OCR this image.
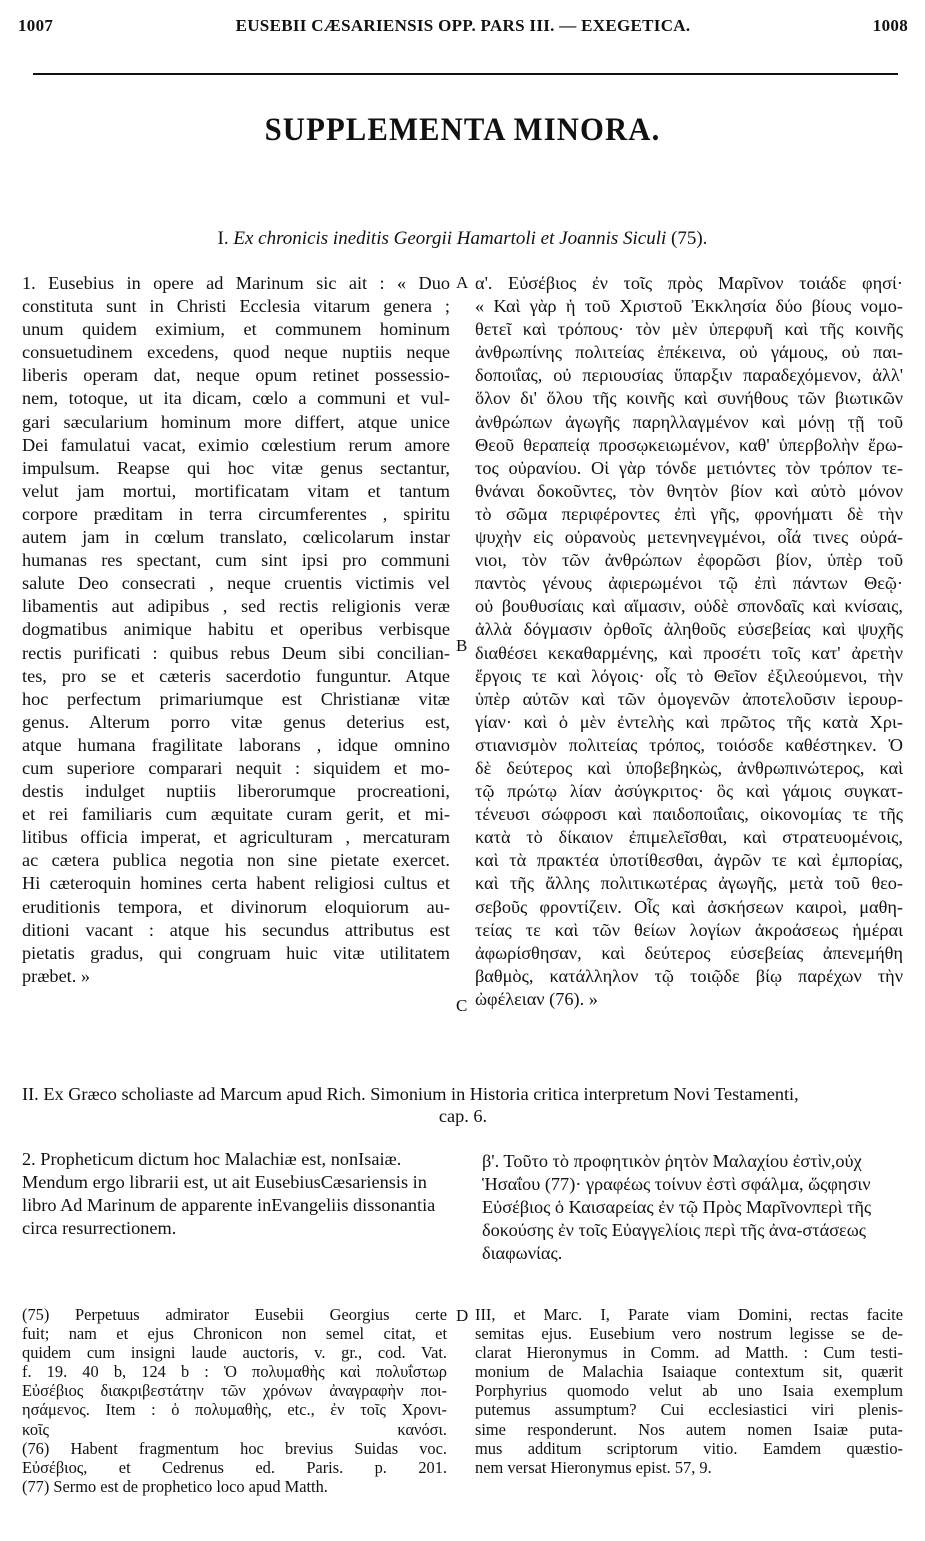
1007	EUSEBII CÆSARIENSIS OPP. PARS III. — EXEGETICA.	1008
SUPPLEMENTA MINORA.
I. Ex chronicis ineditis Georgii Hamartoli et Joannis Siculi (75).
1. Eusebius in opere ad Marinum sic ait : « Duo
constituta sunt in Christi Ecclesia vitarum genera ;
unum quidem eximium, et communem hominum
consuetudinem excedens, quod neque nuptiis neque
liberis operam dat, neque opum retinet possessio-
nem, totoque, ut ita dicam, cœlo a communi et vul-
gari sæcularium hominum more differt, atque unice
Dei famulatui vacat, eximio cœlestium rerum amore
impulsum. Reapse qui hoc vitæ genus sectantur,
velut jam mortui, mortificatam vitam et tantum
corpore præditam in terra circumferentes , spiritu
autem jam in cœlum translato, cœlicolarum instar
humanas res spectant, cum sint ipsi pro communi
salute Deo consecrati , neque cruentis victimis vel
libamentis aut adipibus , sed rectis religionis veræ
dogmatibus animique habitu et operibus verbisque
rectis purificati : quibus rebus Deum sibi concilian-
tes, pro se et cæteris sacerdotio funguntur. Atque
hoc perfectum primariumque est Christianæ vitæ
genus. Alterum porro vitæ genus deterius est,
atque humana fragilitate laborans , idque omnino
cum superiore comparari nequit : siquidem et mo-
destis indulget nuptiis liberorumque procreationi,
et rei familiaris cum æquitate curam gerit, et mi-
litibus officia imperat, et agriculturam , mercaturam
ac cætera publica negotia non sine pietate exercet.
Hi cæteroquin homines certa habent religiosi cultus et
eruditionis tempora, et divinorum eloquiorum au-
ditioni vacant : atque his secundus attributus est
pietatis gradus, qui congruam huic vitæ utilitatem
præbet. »
α'. Εὐσέβιος ἐν τοῖς πρὸς Μαρῖνον τοιάδε φησί·
« Καὶ γὰρ ἡ τοῦ Χριστοῦ Ἐκκλησία δύο βίους νομο-
θετεῖ καὶ τρόπους· τὸν μὲν ὑπερφυῆ καὶ τῆς κοινῆς
ἀνθρωπίνης πολιτείας ἐπέκεινα, οὐ γάμους, οὐ παι-
δοποιΐας, οὐ περιουσίας ὕπαρξιν παραδεχόμενον, ἀλλ'
ὅλον δι' ὅλου τῆς κοινῆς καὶ συνήθους τῶν βιωτικῶν
ἀνθρώπων ἀγωγῆς παρηλλαγμένον καὶ μόνῃ τῇ τοῦ
Θεοῦ θεραπείᾳ προσῳκειωμένον, καθ' ὑπερβολὴν ἔρω-
τος οὐρανίου. Οἱ γὰρ τόνδε μετιόντες τὸν τρόπον τε-
θνάναι δοκοῦντες, τὸν θνητὸν βίον καὶ αὐτὸ μόνον
τὸ σῶμα περιφέροντες ἐπὶ γῆς, φρονήματι δὲ τὴν
ψυχὴν εἰς οὐρανοὺς μετενηνεγμένοι, οἷά τινες οὐρά-
νιοι, τὸν τῶν ἀνθρώπων ἐφορῶσι βίον, ὑπὲρ τοῦ
παντὸς γένους ἀφιερωμένοι τῷ ἐπὶ πάντων Θεῷ·
οὐ βουθυσίαις καὶ αἵμασιν, οὐδὲ σπονδαῖς καὶ κνίσαις,
ἀλλὰ δόγμασιν ὀρθοῖς ἀληθοῦς εὐσεβείας καὶ ψυχῆς
διαθέσει κεκαθαρμένης, καὶ προσέτι τοῖς κατ' ἀρετὴν
ἔργοις τε καὶ λόγοις· οἷς τὸ Θεῖον ἐξιλεούμενοι, τὴν
ὑπὲρ αὐτῶν καὶ τῶν ὁμογενῶν ἀποτελοῦσιν ἱερουρ-
γίαν· καὶ ὁ μὲν ἐντελὴς καὶ πρῶτος τῆς κατὰ Χρι-
στιανισμὸν πολιτείας τρόπος, τοιόσδε καθέστηκεν. Ὁ
δὲ δεύτερος καὶ ὑποβεβηκὼς, ἀνθρωπινώτερος, καὶ
τῷ πρώτῳ λίαν ἀσύγκριτος· ὃς καὶ γάμοις συγκατ-
τένευσι σώφροσι καὶ παιδοποιΐαις, οἰκονομίας τε τῆς
κατὰ τὸ δίκαιον ἐπιμελεῖσθαι, καὶ στρατευομένοις,
καὶ τὰ πρακτέα ὑποτίθεσθαι, ἀγρῶν τε καὶ ἐμπορίας,
καὶ τῆς ἄλλης πολιτικωτέρας ἀγωγῆς, μετὰ τοῦ θεο-
σεβοῦς φροντίζειν. Οἷς καὶ ἀσκήσεων καιροὶ, μαθη-
τείας τε καὶ τῶν θείων λογίων ἀκροάσεως ἡμέραι
ἀφωρίσθησαν, καὶ δεύτερος εὐσεβείας ἀπενεμήθη
βαθμὸς, κατάλληλον τῷ τοιῷδε βίῳ παρέχων τὴν
ὠφέλειαν (76). »
A
B
C
D
II. Ex Græco scholiaste ad Marcum apud Rich. Simonium in Historia critica interpretum Novi Testamenti,
cap. 6.
2. Propheticum dictum hoc Malachiæ est, nonIsaiæ. Mendum ergo librarii est, ut ait EusebiusCæsariensis in libro Ad Marinum de apparente inEvangeliis dissonantia circa resurrectionem.
β'. Τοῦτο τὸ προφητικὸν ῥητὸν Μαλαχίου ἐστὶν,οὐχ Ἡσαΐου (77)· γραφέως τοίνυν ἐστὶ σφάλμα, ὥςφησιν Εὐσέβιος ὁ Καισαρείας ἐν τῷ Πρὸς Μαρῖνονπερὶ τῆς δοκούσης ἐν τοῖς Εὐαγγελίοις περὶ τῆς ἀνα-στάσεως διαφωνίας.
(75) Perpetuus admirator Eusebii Georgius certe
fuit; nam et ejus Chronicon non semel citat, et
quidem cum insigni laude auctoris, v. gr., cod. Vat.
f. 19. 40 b, 124 b : Ὁ πολυμαθὴς καὶ πολυΐστωρ
Εὐσέβιος διακριβεστάτην τῶν χρόνων ἀναγραφὴν ποι-
ησάμενος. Item : ὁ πολυμαθὴς, etc., ἐν τοῖς Χρονι-
κοῖς κανόσι.
(76) Habent fragmentum hoc brevius Suidas voc.
Εὐσέβιος, et Cedrenus ed. Paris. p. 201.
(77) Sermo est de prophetico loco apud Matth.
III, et Marc. I, Parate viam Domini, rectas facite
semitas ejus. Eusebium vero nostrum legisse se de-
clarat Hieronymus in Comm. ad Matth. : Cum testi-
monium de Malachia Isaiaque contextum sit, quærit
Porphyrius quomodo velut ab uno Isaia exemplum
putemus assumptum? Cui ecclesiastici viri plenis-
sime responderunt. Nos autem nomen Isaiæ puta-
mus additum scriptorum vitio. Eamdem quæstio-
nem versat Hieronymus epist. 57, 9.
